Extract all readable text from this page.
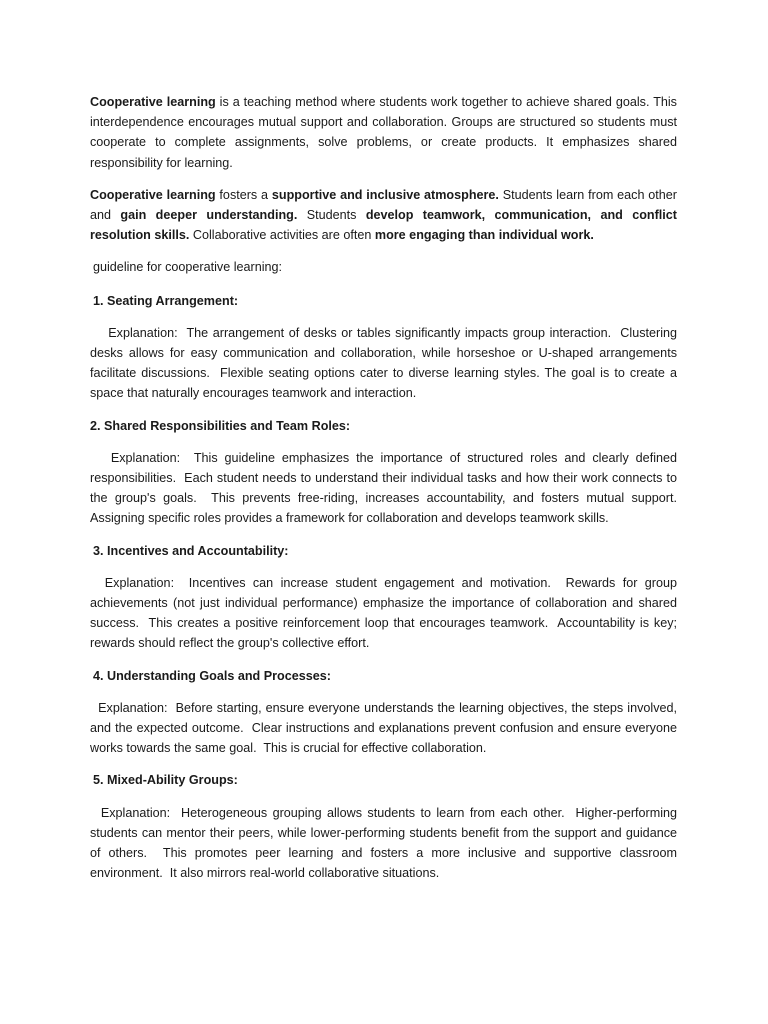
Cooperative learning is a teaching method where students work together to achieve shared goals. This interdependence encourages mutual support and collaboration. Groups are structured so students must cooperate to complete assignments, solve problems, or create products. It emphasizes shared responsibility for learning.

Cooperative learning fosters a supportive and inclusive atmosphere. Students learn from each other and gain deeper understanding. Students develop teamwork, communication, and conflict resolution skills. Collaborative activities are often more engaging than individual work.

guideline for cooperative learning:

1. Seating Arrangement:

Explanation:  The arrangement of desks or tables significantly impacts group interaction.  Clustering desks allows for easy communication and collaboration, while horseshoe or U-shaped arrangements facilitate discussions.  Flexible seating options cater to diverse learning styles. The goal is to create a space that naturally encourages teamwork and interaction.

2. Shared Responsibilities and Team Roles:

Explanation:  This guideline emphasizes the importance of structured roles and clearly defined responsibilities.  Each student needs to understand their individual tasks and how their work connects to the group's goals.  This prevents free-riding, increases accountability, and fosters mutual support.  Assigning specific roles provides a framework for collaboration and develops teamwork skills.

3. Incentives and Accountability:

Explanation:  Incentives can increase student engagement and motivation.  Rewards for group achievements (not just individual performance) emphasize the importance of collaboration and shared success.  This creates a positive reinforcement loop that encourages teamwork.  Accountability is key; rewards should reflect the group's collective effort.

4. Understanding Goals and Processes:

Explanation:  Before starting, ensure everyone understands the learning objectives, the steps involved, and the expected outcome.  Clear instructions and explanations prevent confusion and ensure everyone works towards the same goal.  This is crucial for effective collaboration.

5. Mixed-Ability Groups:

Explanation:  Heterogeneous grouping allows students to learn from each other.  Higher-performing students can mentor their peers, while lower-performing students benefit from the support and guidance of others.  This promotes peer learning and fosters a more inclusive and supportive classroom environment.  It also mirrors real-world collaborative situations.
